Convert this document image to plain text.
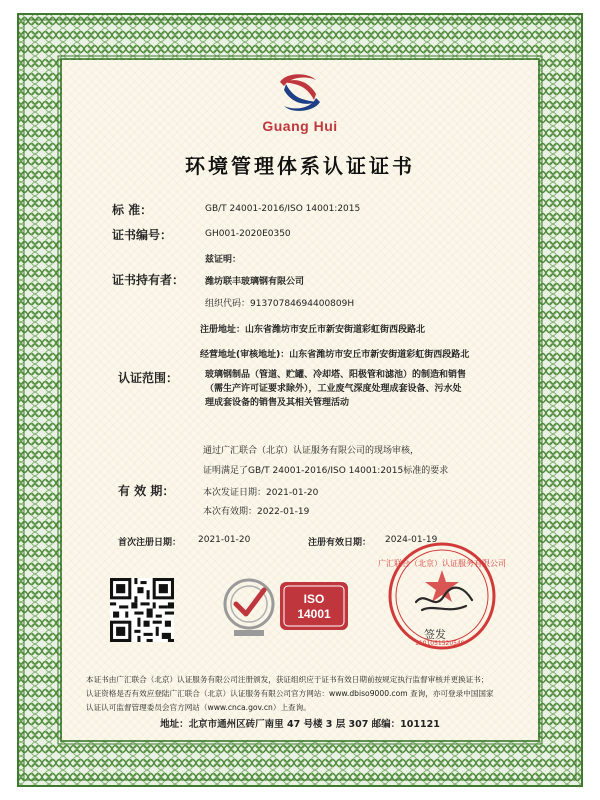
Guang Hui
环境管理体系认证证书
标 准：	GB/T 24001-2016/ISO 14001:2015
证书编号：	GH001-2020E0350
兹证明：
证书持有者： 潍坊联丰玻璃钢有限公司
组织代码：9137078469440080​9H
注册地址：山东省潍坊市安丘市新安街道彩虹街西段路北
经营地址(审核地址)：山东省潍坊市安丘市新安街道彩虹街西段路北
认证范围：	玻璃钢制品（管道、贮罐、冷却塔、阳极管和滤池）的制造和销售
（需生产许可证要求除外），工业废气深度处理成套设备、污水处
理成套设备的销售及其相关管理活动
通过广汇联合（北京）认证服务有限公司的现场审核，
证明满足了GB/T 24001-2016/ISO 14001:2015标准的要求
有 效 期：	本次发证日期：2021-01-20
本次有效期：2022-01-19
首次注册日期： 2021-01-20	注册有效日期： 2024-01-19
ISO
14001
广汇联合（北京）认证服务有限公司
签发
1101051520549
本证书由广汇联合（北京）认证服务有限公司注册颁发，获证组织应于证书有效日期前按规定执行监督审核并更换证书；
认证资格是否有效应登陆广汇联合（北京）认证服务有限公司官方网站：www.dbiso9000.com 查询，亦可登录中国国家
认证认可监督管理委员会官方网站（www.cnca.gov.cn）上查询。
地址：北京市通州区砖厂南里 47 号楼 3 层 307 邮编：101121
